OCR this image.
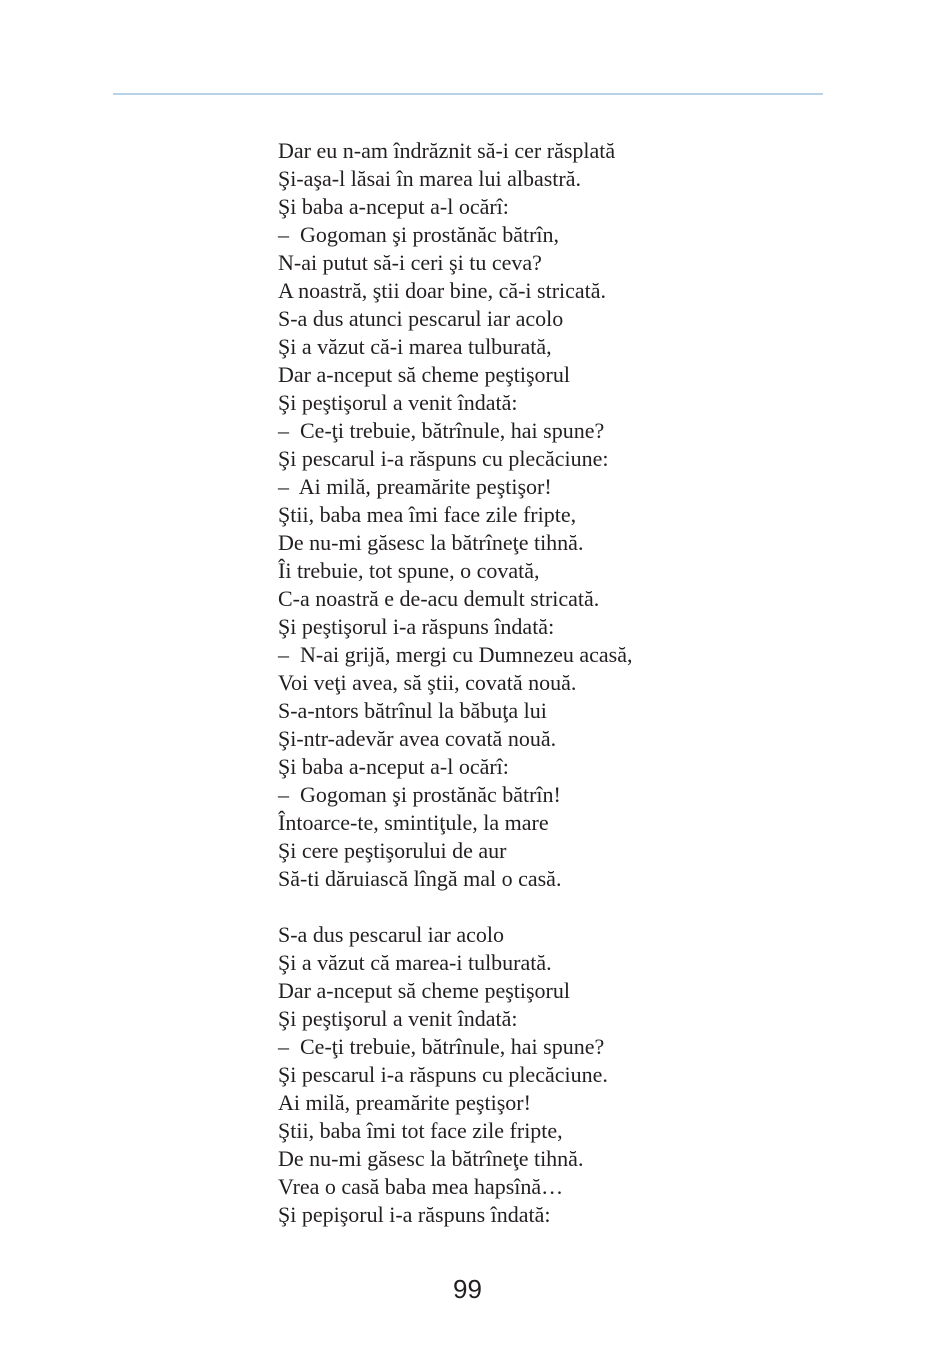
Dar eu n-am îndrăznit să-i cer răsplată
Şi-aşa-l lăsai în marea lui albastră.
Şi baba a-nceput a-l ocărî:
–  Gogoman şi prostănăc bătrîn,
N-ai putut să-i ceri şi tu ceva?
A noastră, ştii doar bine, că-i stricată.
S-a dus atunci pescarul iar acolo
Şi a văzut că-i marea tulburată,
Dar a-nceput să cheme peştişorul
Şi peştişorul a venit îndată:
–  Ce-ţi trebuie, bătrînule, hai spune?
Şi pescarul i-a răspuns cu plecăciune:
–  Ai milă, preamărite peştişor!
Ştii, baba mea îmi face zile fripte,
De nu-mi găsesc la bătrîneţe tihnă.
Îi trebuie, tot spune, o covată,
C-a noastră e de-acu demult stricată.
Şi peştişorul i-a răspuns îndată:
–  N-ai grijă, mergi cu Dumnezeu acasă,
Voi veţi avea, să ştii, covată nouă.
S-a-ntors bătrînul la băbuţa lui
Şi-ntr-adevăr avea covată nouă.
Şi baba a-nceput a-l ocărî:
–  Gogoman şi prostănăc bătrîn!
Întoarce-te, smintiţule, la mare
Şi cere peştişorului de aur
Să-ti dăruiască lîngă mal o casă.
S-a dus pescarul iar acolo
Şi a văzut că marea-i tulburată.
Dar a-nceput să cheme peştişorul
Şi peştişorul a venit îndată:
–  Ce-ţi trebuie, bătrînule, hai spune?
Şi pescarul i-a răspuns cu plecăciune.
Ai milă, preamărite peştişor!
Ştii, baba îmi tot face zile fripte,
De nu-mi găsesc la bătrîneţe tihnă.
Vrea o casă baba mea hapsînă…
Şi pepişorul i-a răspuns îndată:
99
